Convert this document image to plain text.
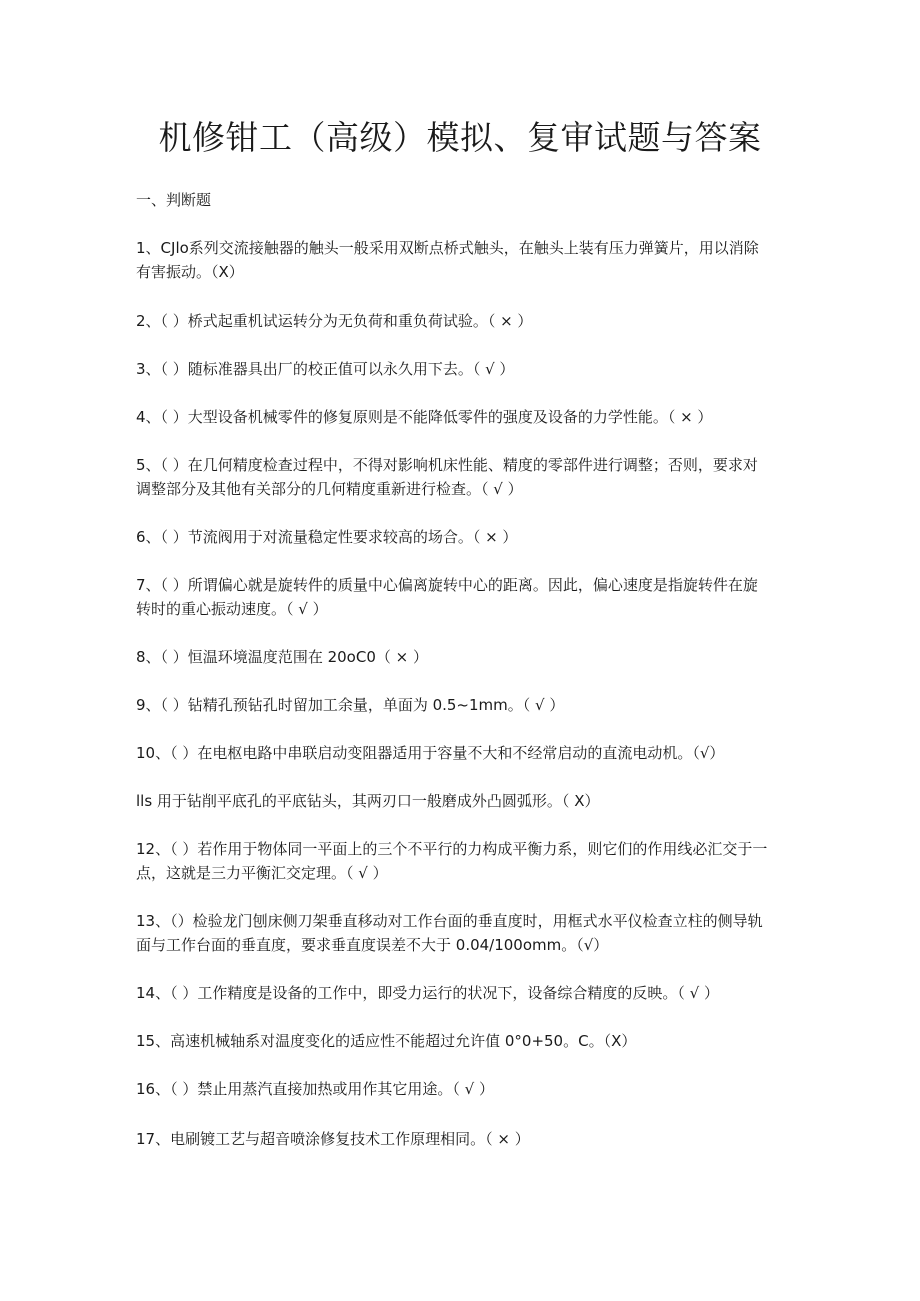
机修钳工（高级）模拟、复审试题与答案
一、判断题
1、CJlo系列交流接触器的触头一般采用双断点桥式触头，在触头上装有压力弹簧片，用以消除
有害振动。（X）
2、（ ）桥式起重机试运转分为无负荷和重负荷试验。（ × ）
3、（ ）随标准器具出厂的校正值可以永久用下去。（ √ ）
4、（ ）大型设备机械零件的修复原则是不能降低零件的强度及设备的力学性能。（ × ）
5、（ ）在几何精度检查过程中，不得对影响机床性能、精度的零部件进行调整；否则，要求对
调整部分及其他有关部分的几何精度重新进行检查。（ √ ）
6、（ ）节流阀用于对流量稳定性要求较高的场合。（ × ）
7、（ ）所谓偏心就是旋转件的质量中心偏离旋转中心的距离。因此，偏心速度是指旋转件在旋
转时的重心振动速度。（ √ ）
8、（ ）恒温环境温度范围在 20oC0（ × ）
9、（ ）钻精孔预钻孔时留加工余量，单面为 0.5~1mm。（ √ ）
10、（ ）在电枢电路中串联启动变阻器适用于容量不大和不经常启动的直流电动机。（√）
lls 用于钻削平底孔的平底钻头，其两刃口一般磨成外凸圆弧形。（ X）
12、（ ）若作用于物体同一平面上的三个不平行的力构成平衡力系，则它们的作用线必汇交于一
点，这就是三力平衡汇交定理。（ √ ）
13、（）检验龙门刨床侧刀架垂直移动对工作台面的垂直度时，用框式水平仪检查立柱的侧导轨
面与工作台面的垂直度，要求垂直度误差不大于 0.04/100omm。（√）
14、（ ）工作精度是设备的工作中，即受力运行的状况下，设备综合精度的反映。（ √ ）
15、高速机械轴系对温度变化的适应性不能超过允许值 0°0+50。C。（X）
16、（ ）禁止用蒸汽直接加热或用作其它用途。（ √ ）
17、电刷镀工艺与超音喷涂修复技术工作原理相同。（ × ）
